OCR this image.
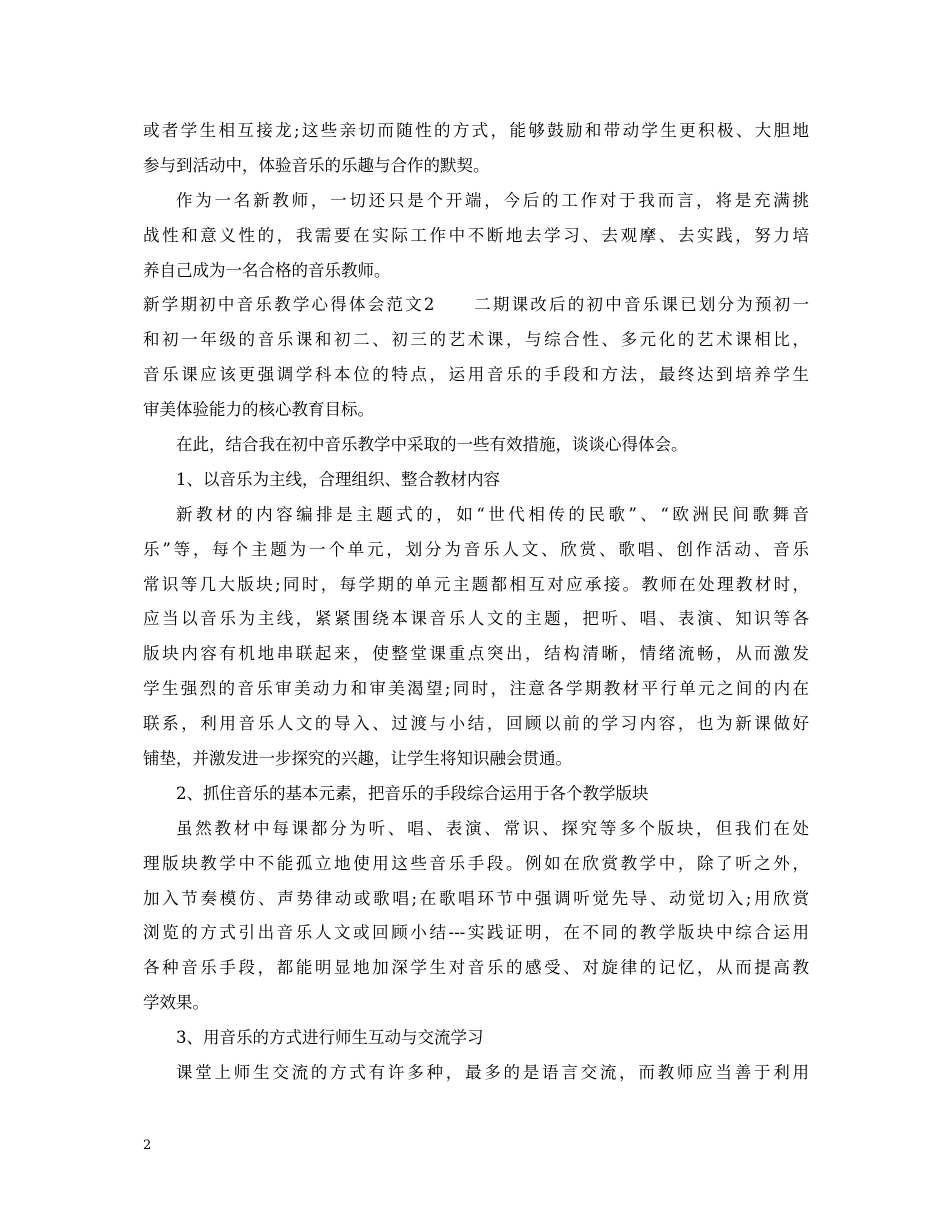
或者学生相互接龙;这些亲切而随性的方式，能够鼓励和带动学生更积极、大胆地
参与到活动中，体验音乐的乐趣与合作的默契。
作为一名新教师，一切还只是个开端，今后的工作对于我而言，将是充满挑
战性和意义性的，我需要在实际工作中不断地去学习、去观摩、去实践，努力培
养自己成为一名合格的音乐教师。
新学期初中音乐教学心得体会范文2　　二期课改后的初中音乐课已划分为预初一
和初一年级的音乐课和初二、初三的艺术课，与综合性、多元化的艺术课相比，
音乐课应该更强调学科本位的特点，运用音乐的手段和方法，最终达到培养学生
审美体验能力的核心教育目标。
在此，结合我在初中音乐教学中采取的一些有效措施，谈谈心得体会。
1、以音乐为主线，合理组织、整合教材内容
新教材的内容编排是主题式的，如“世代相传的民歌”、“欧洲民间歌舞音
乐”等，每个主题为一个单元，划分为音乐人文、欣赏、歌唱、创作活动、音乐
常识等几大版块;同时，每学期的单元主题都相互对应承接。教师在处理教材时，
应当以音乐为主线，紧紧围绕本课音乐人文的主题，把听、唱、表演、知识等各
版块内容有机地串联起来，使整堂课重点突出，结构清晰，情绪流畅，从而激发
学生强烈的音乐审美动力和审美渴望;同时，注意各学期教材平行单元之间的内在
联系，利用音乐人文的导入、过渡与小结，回顾以前的学习内容，也为新课做好
铺垫，并激发进一步探究的兴趣，让学生将知识融会贯通。
2、抓住音乐的基本元素，把音乐的手段综合运用于各个教学版块
虽然教材中每课都分为听、唱、表演、常识、探究等多个版块，但我们在处
理版块教学中不能孤立地使用这些音乐手段。例如在欣赏教学中，除了听之外，
加入节奏模仿、声势律动或歌唱;在歌唱环节中强调听觉先导、动觉切入;用欣赏
浏览的方式引出音乐人文或回顾小结---实践证明，在不同的教学版块中综合运用
各种音乐手段，都能明显地加深学生对音乐的感受、对旋律的记忆，从而提高教
学效果。
3、用音乐的方式进行师生互动与交流学习
课堂上师生交流的方式有许多种，最多的是语言交流，而教师应当善于利用
2
